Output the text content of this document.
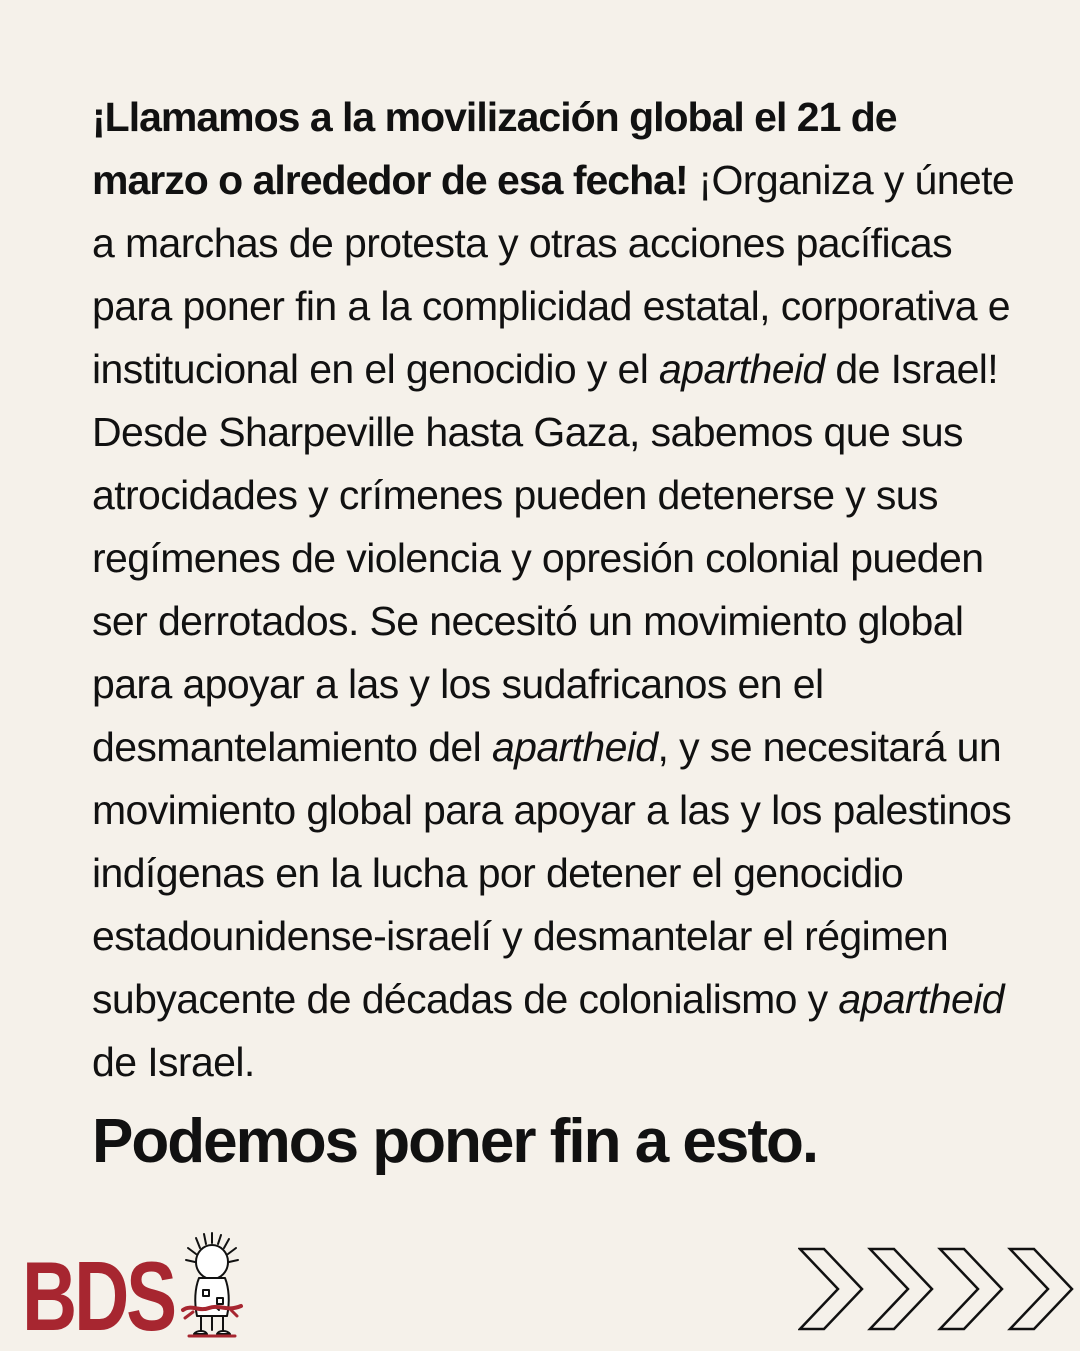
¡Llamamos a la movilización global el 21 de marzo o alrededor de esa fecha! ¡Organiza y únete a marchas de protesta y otras acciones pacíficas para poner fin a la complicidad estatal, corporativa e institucional en el genocidio y el apartheid de Israel! Desde Sharpeville hasta Gaza, sabemos que sus atrocidades y crímenes pueden detenerse y sus regímenes de violencia y opresión colonial pueden ser derrotados. Se necesitó un movimiento global para apoyar a las y los sudafricanos en el desmantelamiento del apartheid, y se necesitará un movimiento global para apoyar a las y los palestinos indígenas en la lucha por detener el genocidio estadounidense-israelí y desmantelar el régimen subyacente de décadas de colonialismo y apartheid de Israel.

Podemos poner fin a esto.

BDS
